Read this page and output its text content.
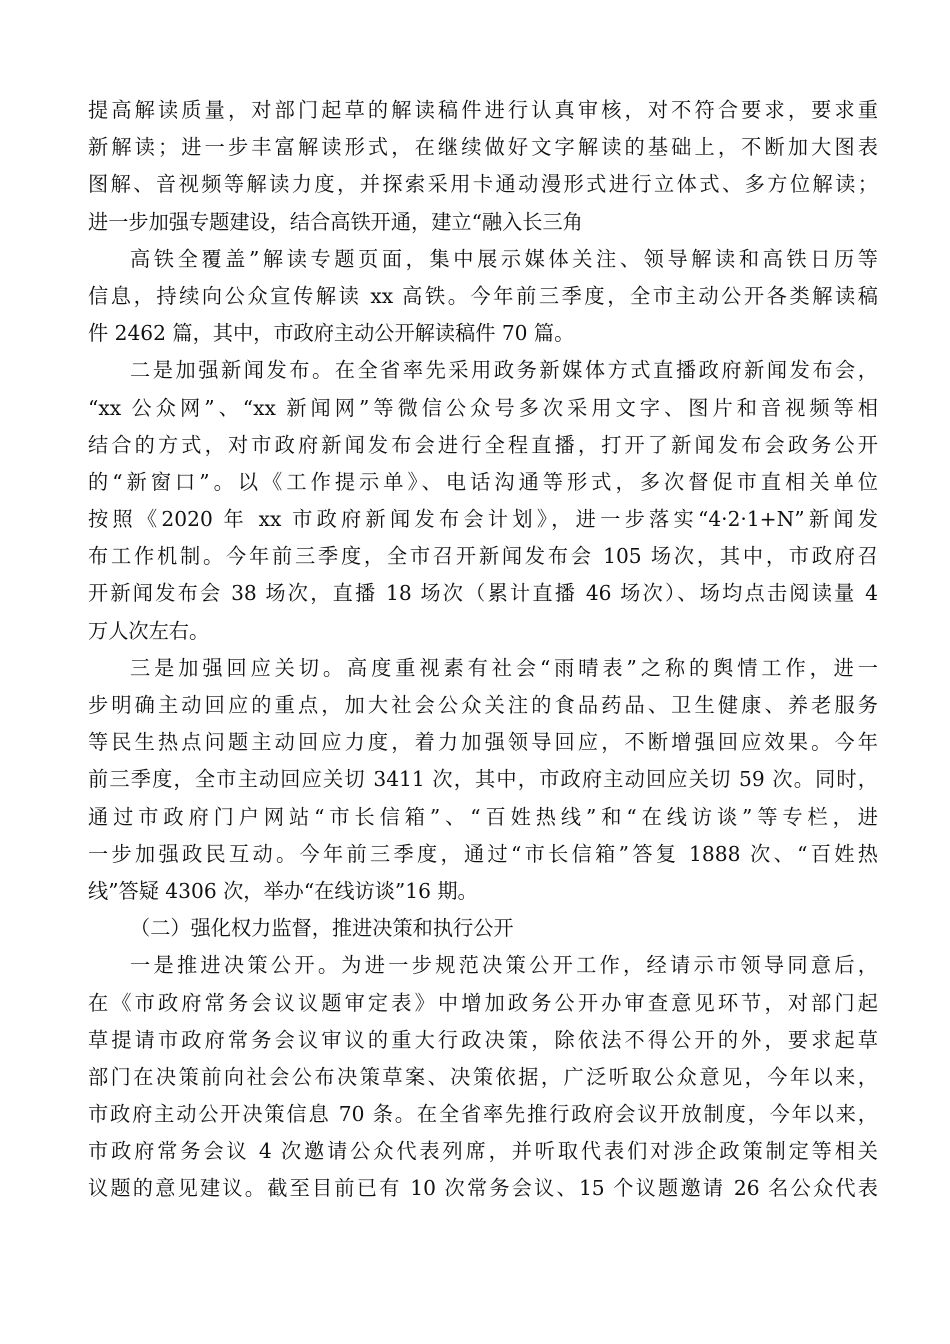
提高解读质量，对部门起草的解读稿件进行认真审核，对不符合要求，要求重
新解读；进一步丰富解读形式，在继续做好文字解读的基础上，不断加大图表
图解、音视频等解读力度，并探索采用卡通动漫形式进行立体式、多方位解读；
进一步加强专题建设，结合高铁开通，建立“融入长三角
高铁全覆盖”解读专题页面，集中展示媒体关注、领导解读和高铁日历等
信息，持续向公众宣传解读 xx 高铁。今年前三季度，全市主动公开各类解读稿
件 2462 篇，其中，市政府主动公开解读稿件 70 篇。
二是加强新闻发布。在全省率先采用政务新媒体方式直播政府新闻发布会，
“xx 公众网”、“xx 新闻网”等微信公众号多次采用文字、图片和音视频等相
结合的方式，对市政府新闻发布会进行全程直播，打开了新闻发布会政务公开
的“新窗口”。以《工作提示单》、电话沟通等形式，多次督促市直相关单位
按照《2020 年 xx 市政府新闻发布会计划》，进一步落实“4·2·1+N”新闻发
布工作机制。今年前三季度，全市召开新闻发布会 105 场次，其中，市政府召
开新闻发布会 38 场次，直播 18 场次（累计直播 46 场次）、场均点击阅读量 4
万人次左右。
三是加强回应关切。高度重视素有社会“雨晴表”之称的舆情工作，进一
步明确主动回应的重点，加大社会公众关注的食品药品、卫生健康、养老服务
等民生热点问题主动回应力度，着力加强领导回应，不断增强回应效果。今年
前三季度，全市主动回应关切 3411 次，其中，市政府主动回应关切 59 次。同时，
通过市政府门户网站“市长信箱”、“百姓热线”和“在线访谈”等专栏，进
一步加强政民互动。今年前三季度，通过“市长信箱”答复 1888 次、“百姓热
线”答疑 4306 次，举办“在线访谈”16 期。
（二）强化权力监督，推进决策和执行公开
一是推进决策公开。为进一步规范决策公开工作，经请示市领导同意后，
在《市政府常务会议议题审定表》中增加政务公开办审查意见环节，对部门起
草提请市政府常务会议审议的重大行政决策，除依法不得公开的外，要求起草
部门在决策前向社会公布决策草案、决策依据，广泛听取公众意见，今年以来，
市政府主动公开决策信息 70 条。在全省率先推行政府会议开放制度，今年以来，
市政府常务会议 4 次邀请公众代表列席，并听取代表们对涉企政策制定等相关
议题的意见建议。截至目前已有 10 次常务会议、15 个议题邀请 26 名公众代表
